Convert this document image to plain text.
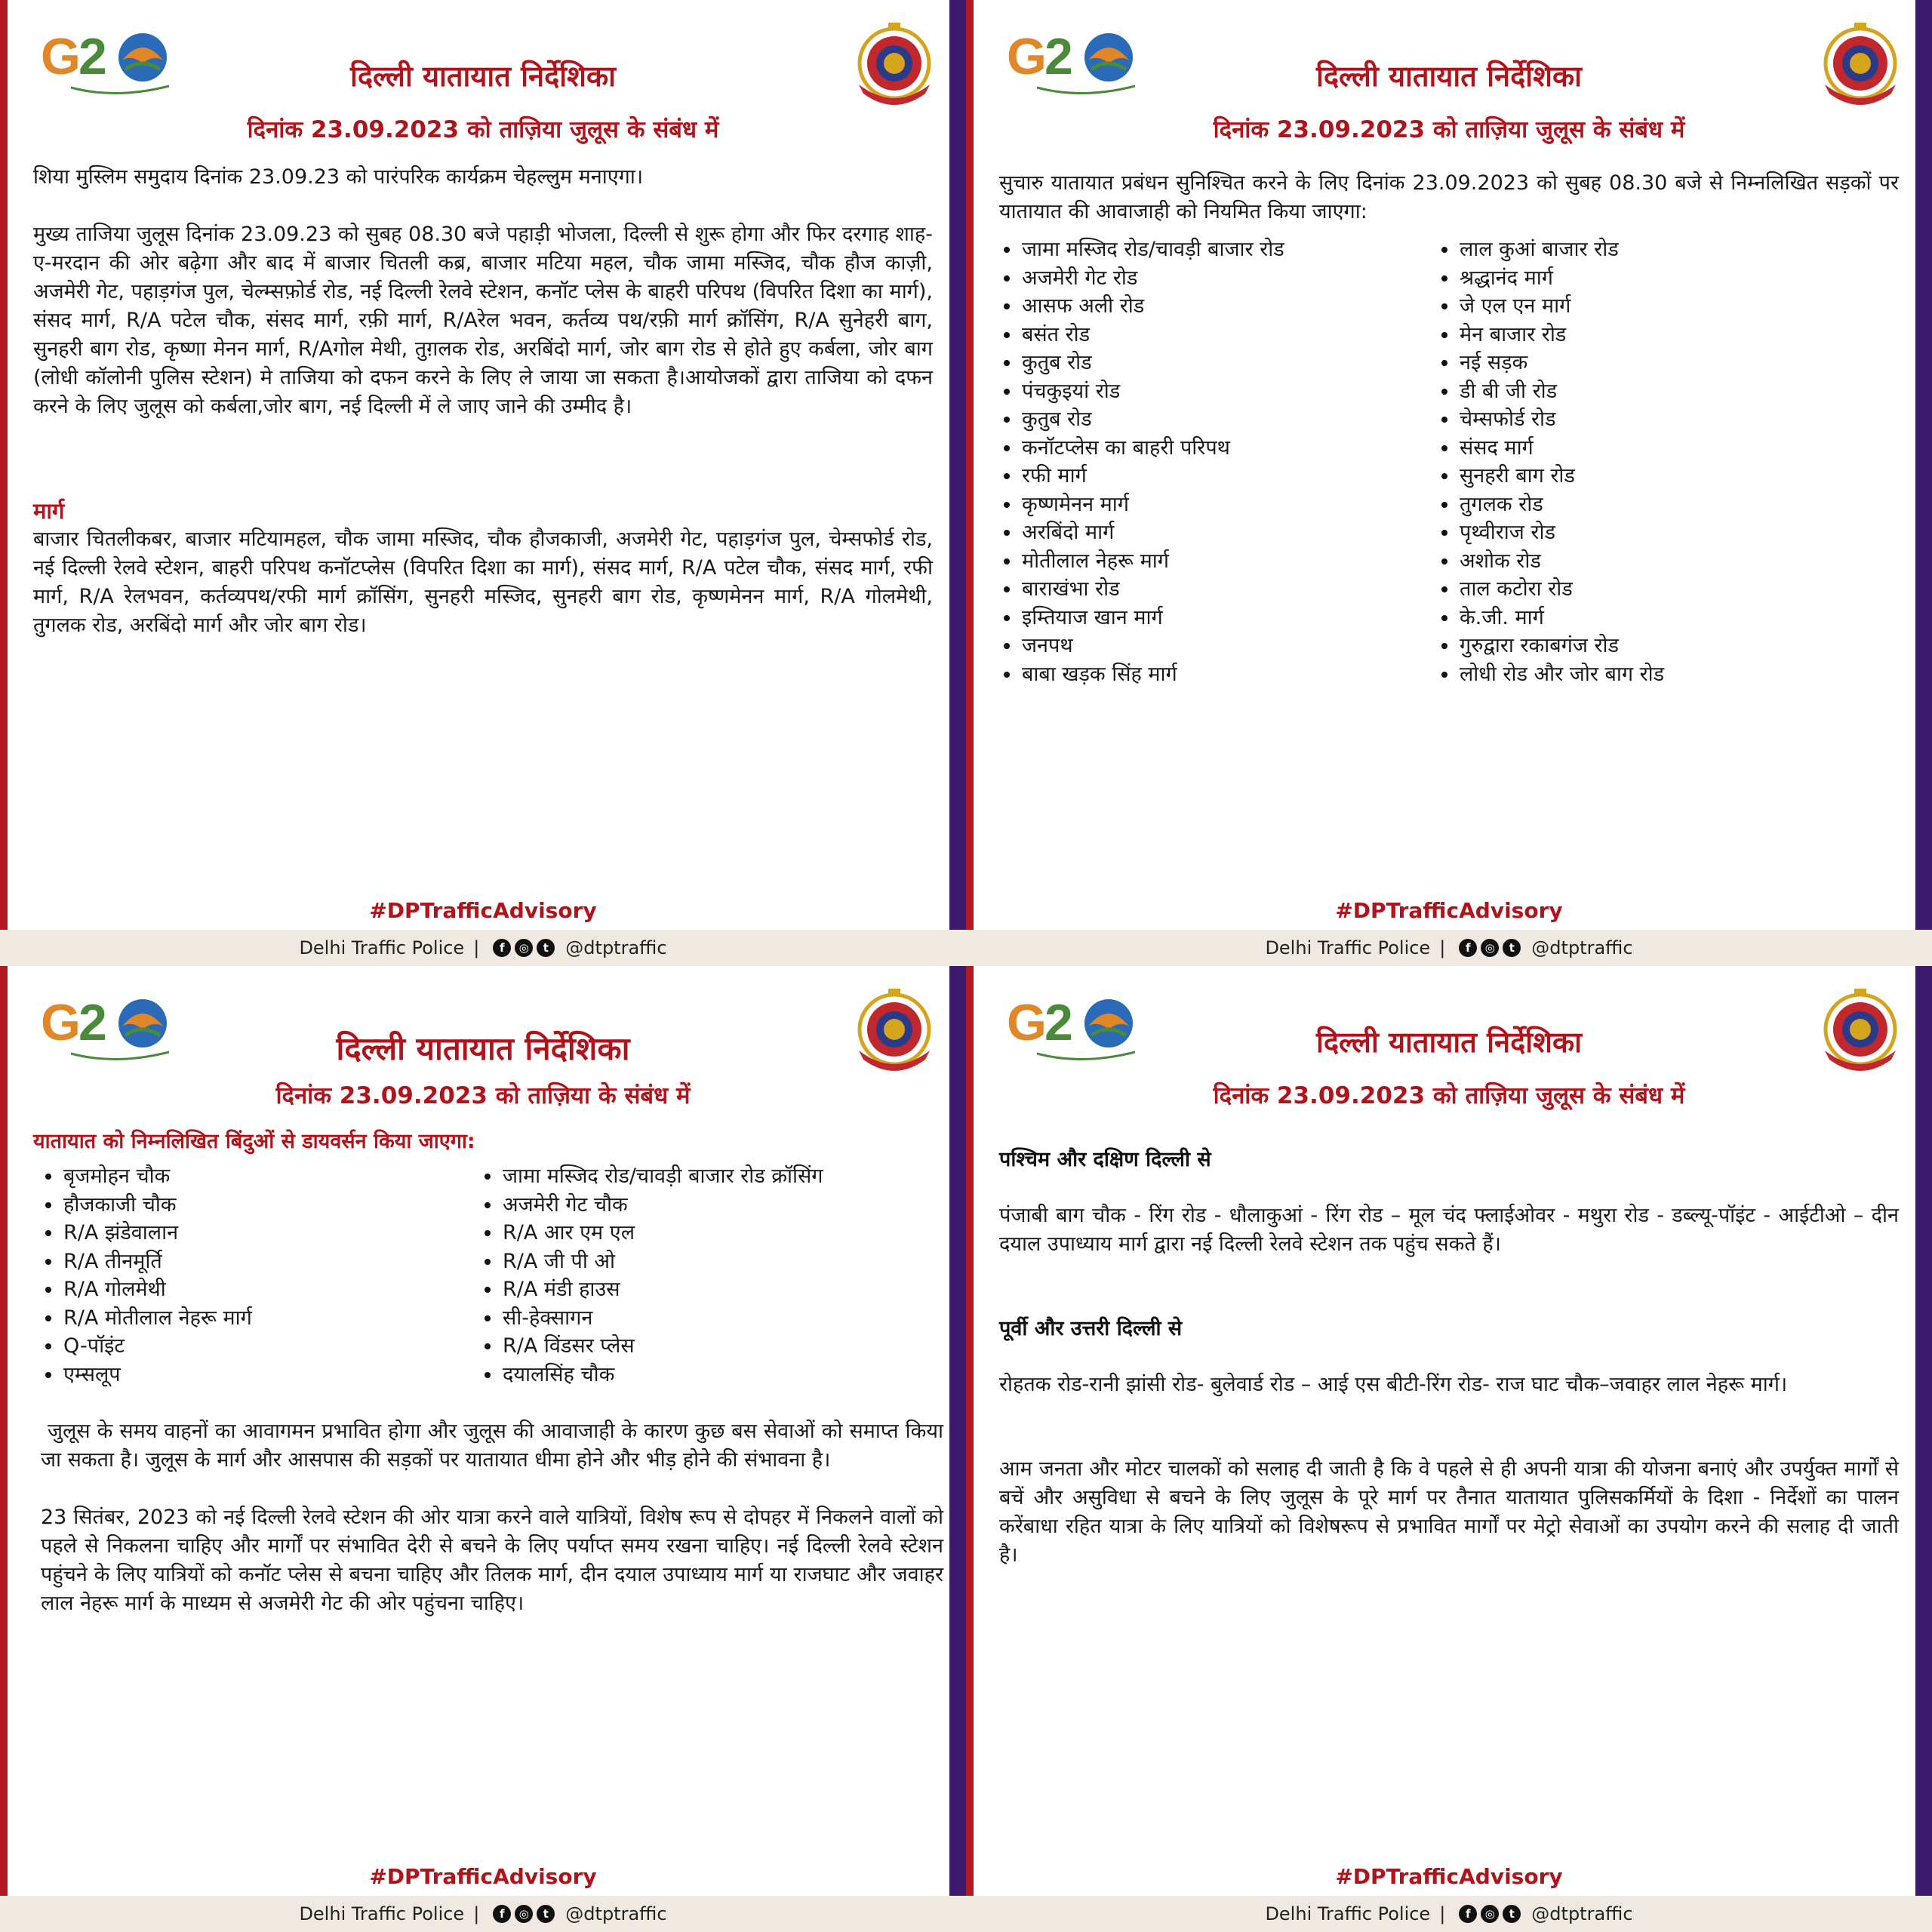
दिल्ली यातायात निर्देशिका
दिनांक 23.09.2023 को ताज़िया जुलूस के संबंध में

शिया मुस्लिम समुदाय दिनांक 23.09.23 को पारंपरिक कार्यक्रम चेहल्लुम मनाएगा।

मुख्य ताजिया जुलूस दिनांक 23.09.23 को सुबह 08.30 बजे पहाड़ी भोजला, दिल्ली से शुरू होगा और फिर दरगाह शाह-ए-मरदान की ओर बढ़ेगा और बाद में बाजार चितली कब्र, बाजार मटिया महल, चौक जामा मस्जिद, चौक हौज काज़ी, अजमेरी गेट, पहाड़गंज पुल, चेल्म्सफ़ोर्ड रोड, नई दिल्ली रेलवे स्टेशन, कनॉट प्लेस के बाहरी परिपथ (विपरित दिशा का मार्ग), संसद मार्ग, R/A पटेल चौक, संसद मार्ग, रफ़ी मार्ग, R/Aरेल भवन, कर्तव्य पथ/रफ़ी मार्ग क्रॉसिंग, R/A सुनेहरी बाग, सुनहरी बाग रोड, कृष्णा मेनन मार्ग, R/Aगोल मेथी, तुग़लक रोड, अरबिंदो मार्ग, जोर बाग रोड से होते हुए कर्बला, जोर बाग (लोधी कॉलोनी पुलिस स्टेशन) मे ताजिया को दफन करने के लिए ले जाया जा सकता है।आयोजकों द्वारा ताजिया को दफन करने के लिए जुलूस को कर्बला,जोर बाग, नई दिल्ली में ले जाए जाने की उम्मीद है।

मार्ग

बाजार चितलीकबर, बाजार मटियामहल, चौक जामा मस्जिद, चौक हौजकाजी, अजमेरी गेट, पहाड़गंज पुल, चेम्सफोर्ड रोड, नई दिल्ली रेलवे स्टेशन, बाहरी परिपथ कनॉटप्लेस (विपरित दिशा का मार्ग), संसद मार्ग, R/A पटेल चौक, संसद मार्ग, रफी मार्ग, R/A रेलभवन, कर्तव्यपथ/रफी मार्ग क्रॉसिंग, सुनहरी मस्जिद, सुनहरी बाग रोड, कृष्णमेनन मार्ग, R/A गोलमेथी, तुगलक रोड, अरबिंदो मार्ग और जोर बाग रोड।

#DPTrafficAdvisory
Delhi Traffic Police |	f	◎	t @dtptraffic
दिल्ली यातायात निर्देशिका
दिनांक 23.09.2023 को ताज़िया जुलूस के संबंध में

सुचारु यातायात प्रबंधन सुनिश्चित करने के लिए दिनांक 23.09.2023 को सुबह 08.30 बजे से निम्नलिखित सड़कों पर यातायात की आवाजाही को नियमित किया जाएगा:

जामा मस्जिद रोड/चावड़ी बाजार रोड
अजमेरी गेट रोड
आसफ अली रोड
बसंत रोड
कुतुब रोड
पंचकुइयां रोड
कुतुब रोड
कनॉटप्लेस का बाहरी परिपथ
रफी मार्ग
कृष्णमेनन मार्ग
अरबिंदो मार्ग
मोतीलाल नेहरू मार्ग
बाराखंभा रोड
इम्तियाज खान मार्ग
जनपथ
बाबा खड़क सिंह मार्ग
लाल कुआं बाजार रोड
श्रद्धानंद मार्ग
जे एल एन मार्ग
मेन बाजार रोड
नई सड़क
डी बी जी रोड
चेम्सफोर्ड रोड
संसद मार्ग
सुनहरी बाग रोड
तुगलक रोड
पृथ्वीराज रोड
अशोक रोड
ताल कटोरा रोड
के.जी. मार्ग
गुरुद्वारा रकाबगंज रोड
लोधी रोड और जोर बाग रोड
#DPTrafficAdvisory
Delhi Traffic Police |	f	◎	t @dtptraffic
दिल्ली यातायात निर्देशिका
दिनांक 23.09.2023 को ताज़िया के संबंध में

यातायात को निम्नलिखित बिंदुओं से डायवर्सन किया जाएगा:

बृजमोहन चौक
हौजकाजी चौक
R/A झंडेवालान
R/A तीनमूर्ति
R/A गोलमेथी
R/A मोतीलाल नेहरू मार्ग
Q-पॉइंट
एम्सलूप
जामा मस्जिद रोड/चावड़ी बाजार रोड क्रॉसिंग
अजमेरी गेट चौक
R/A आर एम एल
R/A जी पी ओ
R/A मंडी हाउस
सी-हेक्सागन
R/A विंडसर प्लेस
दयालसिंह चौक

जुलूस के समय वाहनों का आवागमन प्रभावित होगा और जुलूस की आवाजाही के कारण कुछ बस सेवाओं को समाप्त किया जा सकता है। जुलूस के मार्ग और आसपास की सड़कों पर यातायात धीमा होने और भीड़ होने की संभावना है।

23 सितंबर, 2023 को नई दिल्ली रेलवे स्टेशन की ओर यात्रा करने वाले यात्रियों, विशेष रूप से दोपहर में निकलने वालों को पहले से निकलना चाहिए और मार्गों पर संभावित देरी से बचने के लिए पर्याप्त समय रखना चाहिए। नई दिल्ली रेलवे स्टेशन पहुंचने के लिए यात्रियों को कनॉट प्लेस से बचना चाहिए और तिलक मार्ग, दीन दयाल उपाध्याय मार्ग या राजघाट और जवाहर लाल नेहरू मार्ग के माध्यम से अजमेरी गेट की ओर पहुंचना चाहिए।

#DPTrafficAdvisory
Delhi Traffic Police |	f	◎	t @dtptraffic
दिल्ली यातायात निर्देशिका
दिनांक 23.09.2023 को ताज़िया जुलूस के संबंध में

पश्चिम और दक्षिण दिल्ली से

पंजाबी बाग चौक - रिंग रोड - धौलाकुआं - रिंग रोड – मूल चंद फ्लाईओवर - मथुरा रोड - डब्ल्यू-पॉइंट - आईटीओ – दीन दयाल उपाध्याय मार्ग द्वारा नई दिल्ली रेलवे स्टेशन तक पहुंच सकते हैं।

पूर्वी और उत्तरी दिल्ली से

रोहतक रोड-रानी झांसी रोड- बुलेवार्ड रोड – आई एस बीटी-रिंग रोड- राज घाट चौक–जवाहर लाल नेहरू मार्ग।

आम जनता और मोटर चालकों को सलाह दी जाती है कि वे पहले से ही अपनी यात्रा की योजना बनाएं और उपर्युक्त मार्गों से बचें और असुविधा से बचने के लिए जुलूस के पूरे मार्ग पर तैनात यातायात पुलिसकर्मियों के दिशा - निर्देशों का पालन करेंबाधा रहित यात्रा के लिए यात्रियों को विशेषरूप से प्रभावित मार्गों पर मेट्रो सेवाओं का उपयोग करने की सलाह दी जाती है।

#DPTrafficAdvisory
Delhi Traffic Police |	f	◎	t @dtptraffic
